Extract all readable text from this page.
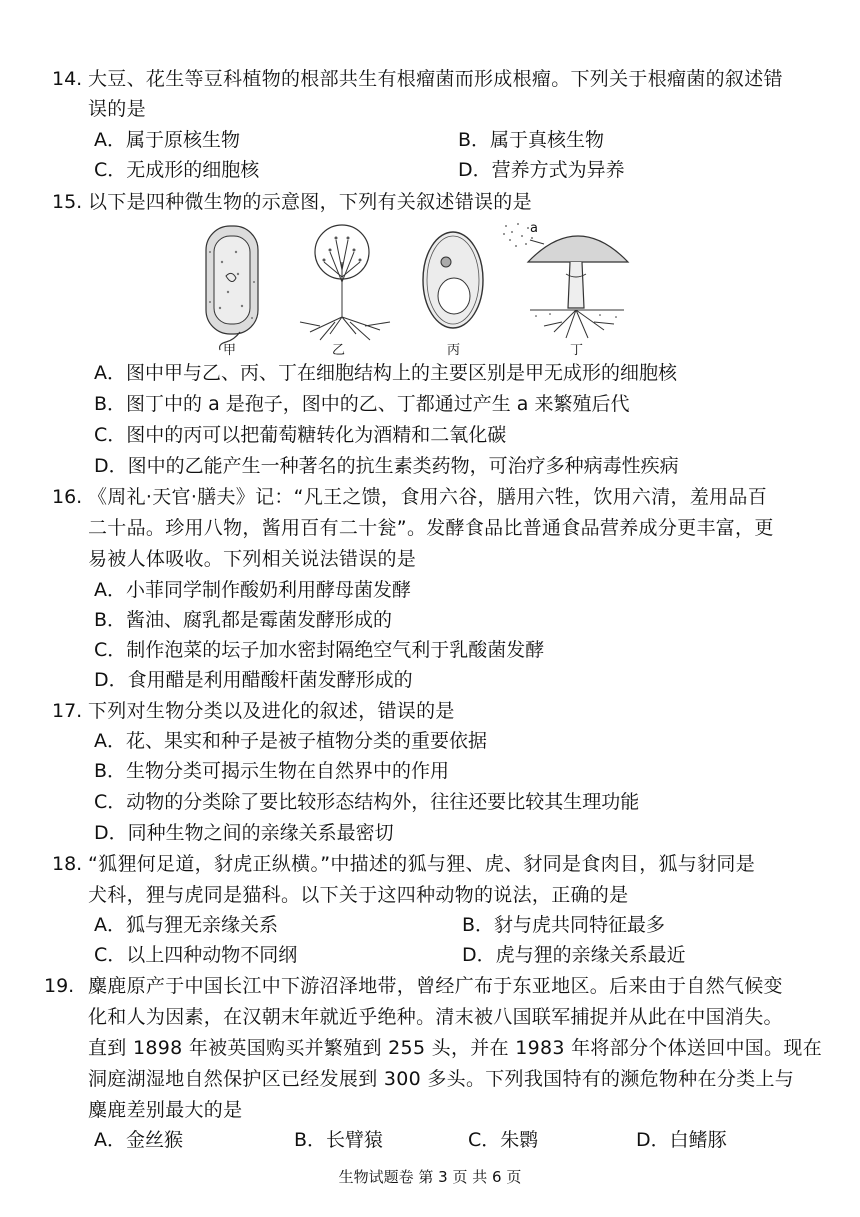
14. 大豆、花生等豆科植物的根部共生有根瘤菌而形成根瘤。下列关于根瘤菌的叙述错
误的是
A．属于原核生物	B．属于真核生物
C．无成形的细胞核	D．营养方式为异养
15. 以下是四种微生物的示意图，下列有关叙述错误的是
甲	乙	丙
a
丁
A．图中甲与乙、丙、丁在细胞结构上的主要区别是甲无成形的细胞核
B．图丁中的 a 是孢子，图中的乙、丁都通过产生 a 来繁殖后代
C．图中的丙可以把葡萄糖转化为酒精和二氧化碳
D．图中的乙能产生一种著名的抗生素类药物，可治疗多种病毒性疾病
16. 《周礼·天官·膳夫》记：“凡王之馈，食用六谷，膳用六牲，饮用六清，羞用品百
二十品。珍用八物，酱用百有二十瓮”。发酵食品比普通食品营养成分更丰富，更
易被人体吸收。下列相关说法错误的是
A．小菲同学制作酸奶利用酵母菌发酵
B．酱油、腐乳都是霉菌发酵形成的
C．制作泡菜的坛子加水密封隔绝空气利于乳酸菌发酵
D．食用醋是利用醋酸杆菌发酵形成的
17. 下列对生物分类以及进化的叙述，错误的是
A．花、果实和种子是被子植物分类的重要依据
B．生物分类可揭示生物在自然界中的作用
C．动物的分类除了要比较形态结构外，往往还要比较其生理功能
D．同种生物之间的亲缘关系最密切
18. “狐狸何足道，豺虎正纵横。”中描述的狐与狸、虎、豺同是食肉目，狐与豺同是
犬科，狸与虎同是猫科。以下关于这四种动物的说法，正确的是
A．狐与狸无亲缘关系	B．豺与虎共同特征最多
C．以上四种动物不同纲	D．虎与狸的亲缘关系最近
19. 麋鹿原产于中国长江中下游沼泽地带，曾经广布于东亚地区。后来由于自然气候变
化和人为因素，在汉朝末年就近乎绝种。清末被八国联军捕捉并从此在中国消失。
直到 1898 年被英国购买并繁殖到 255 头，并在 1983 年将部分个体送回中国。现在
洞庭湖湿地自然保护区已经发展到 300 多头。下列我国特有的濒危物种在分类上与
麋鹿差别最大的是
A．金丝猴	B．长臂猿	C．朱鹮	D．白鳍豚
生物试题卷 第 3 页 共 6 页
